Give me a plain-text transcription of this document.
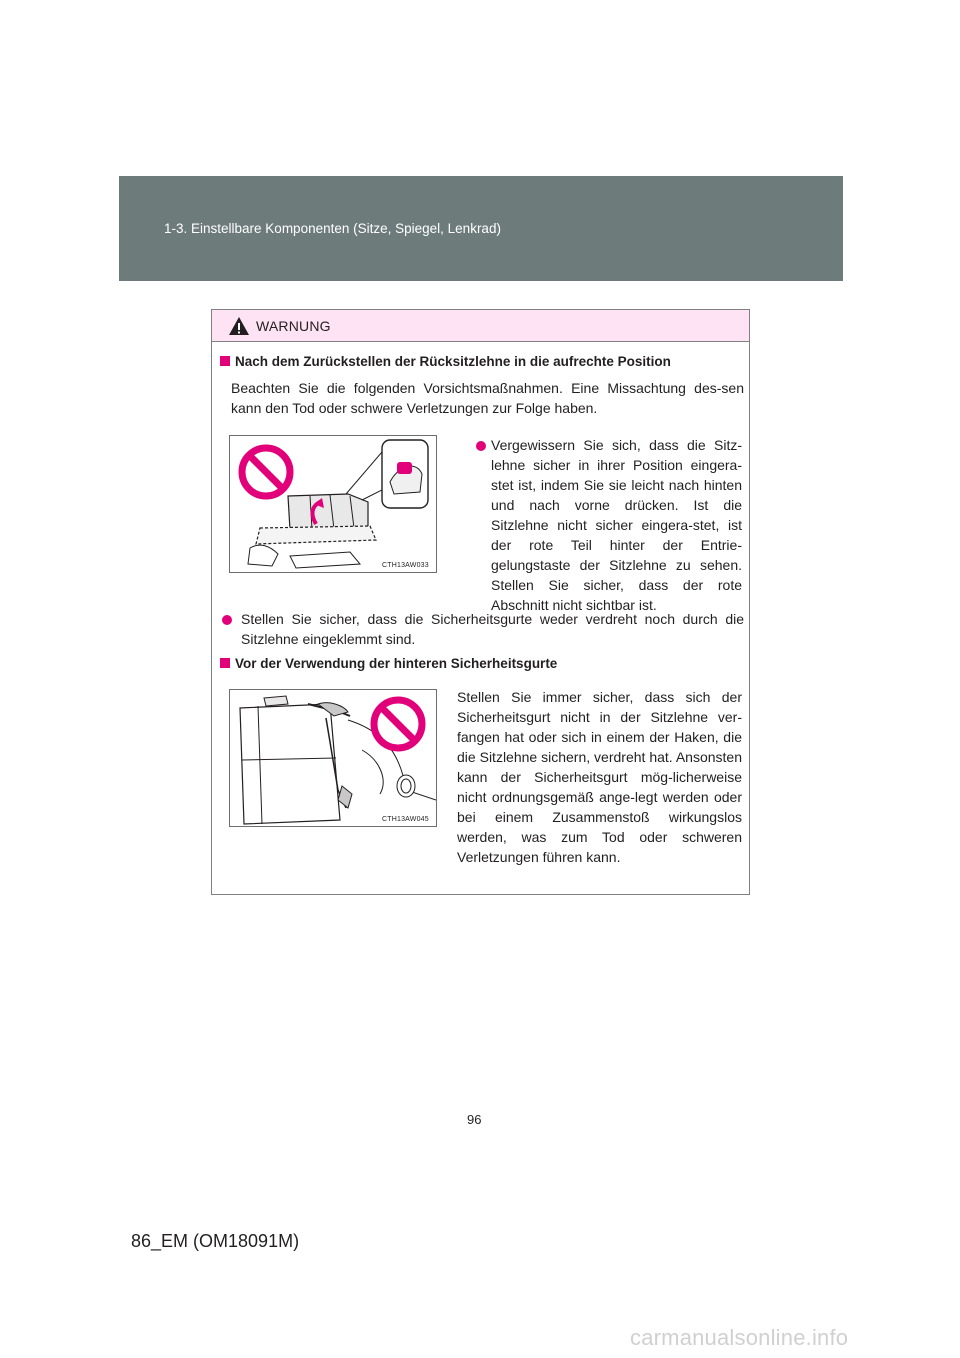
1-3. Einstellbare Komponenten (Sitze, Spiegel, Lenkrad)
WARNUNG
Nach dem Zurückstellen der Rücksitzlehne in die aufrechte Position
Beachten Sie die folgenden Vorsichtsmaßnahmen. Eine Missachtung des-sen kann den Tod oder schwere Verletzungen zur Folge haben.
CTH13AW033
Vergewissern Sie sich, dass die Sitz-lehne sicher in ihrer Position eingera-stet ist, indem Sie sie leicht nach hinten und nach vorne drücken. Ist die Sitzlehne nicht sicher eingera-stet, ist der rote Teil hinter der Entrie-gelungstaste der Sitzlehne zu sehen. Stellen Sie sicher, dass der rote Abschnitt nicht sichtbar ist.
Stellen Sie sicher, dass die Sicherheitsgurte weder verdreht noch durch die Sitzlehne eingeklemmt sind.
Vor der Verwendung der hinteren Sicherheitsgurte
CTH13AW045
Stellen Sie immer sicher, dass sich der Sicherheitsgurt nicht in der Sitzlehne ver-fangen hat oder sich in einem der Haken, die die Sitzlehne sichern, verdreht hat. Ansonsten kann der Sicherheitsgurt mög-licherweise nicht ordnungsgemäß ange-legt werden oder bei einem Zusammenstoß wirkungslos werden, was zum Tod oder schweren Verletzungen führen kann.
96
86_EM (OM18091M)
carmanualsonline.info
